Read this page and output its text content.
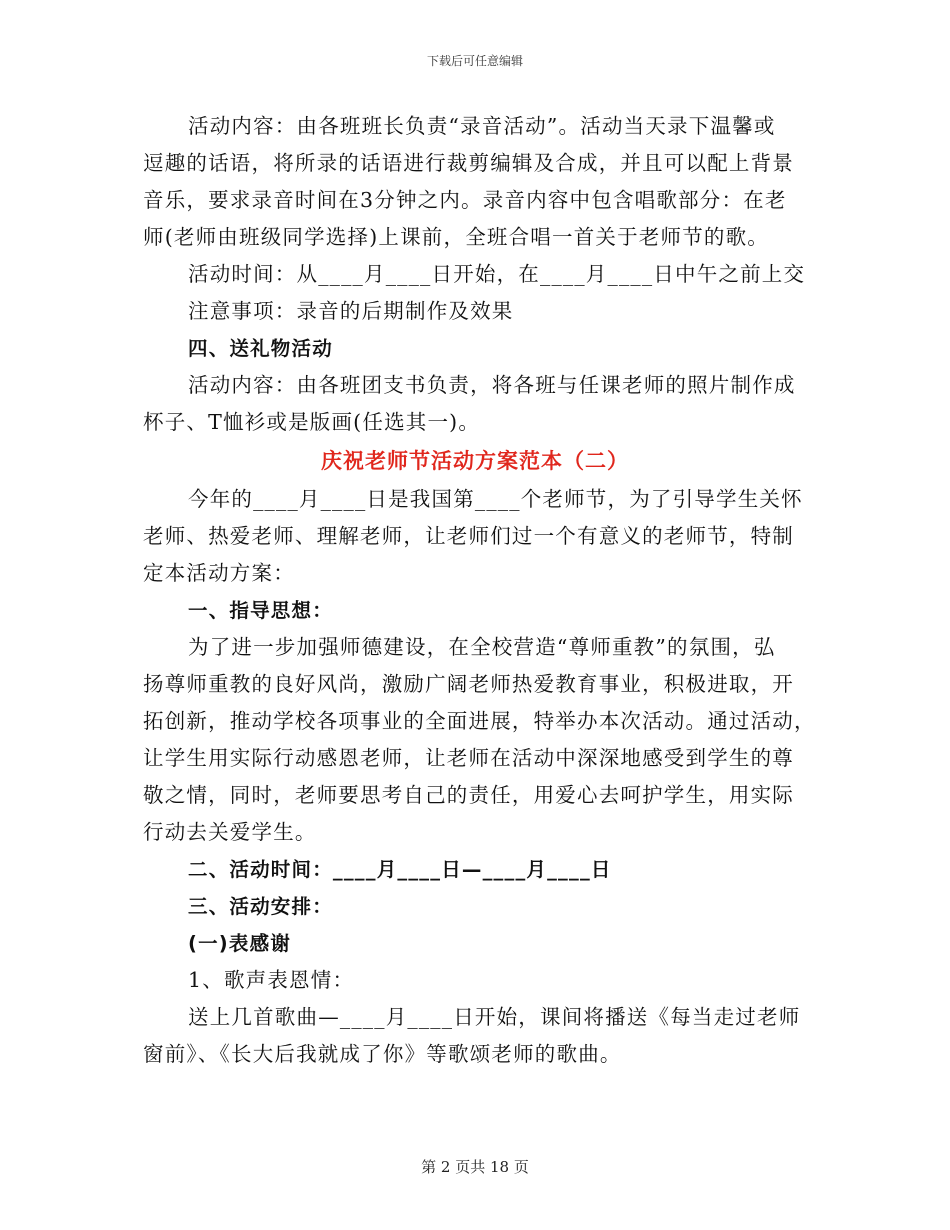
下载后可任意编辑
活动内容：由各班班长负责“录音活动”。活动当天录下温馨或
逗趣的话语，将所录的话语进行裁剪编辑及合成，并且可以配上背景
音乐，要求录音时间在3分钟之内。录音内容中包含唱歌部分：在老
师(老师由班级同学选择)上课前，全班合唱一首关于老师节的歌。
活动时间：从____月____日开始，在____月____日中午之前上交
注意事项：录音的后期制作及效果
四、送礼物活动
活动内容：由各班团支书负责，将各班与任课老师的照片制作成
杯子、T恤衫或是版画(任选其一)。
庆祝老师节活动方案范本（二）
今年的____月____日是我国第____个老师节，为了引导学生关怀
老师、热爱老师、理解老师，让老师们过一个有意义的老师节，特制
定本活动方案：
一、指导思想：
为了进一步加强师德建设，在全校营造“尊师重教”的氛围，弘
扬尊师重教的良好风尚，激励广阔老师热爱教育事业，积极进取，开
拓创新，推动学校各项事业的全面进展，特举办本次活动。通过活动，
让学生用实际行动感恩老师，让老师在活动中深深地感受到学生的尊
敬之情，同时，老师要思考自己的责任，用爱心去呵护学生，用实际
行动去关爱学生。
二、活动时间：____月____日—____月____日
三、活动安排：
(一)表感谢
1、歌声表恩情：
送上几首歌曲—____月____日开始，课间将播送《每当走过老师
窗前》、《长大后我就成了你》等歌颂老师的歌曲。
第 2 页共 18 页
